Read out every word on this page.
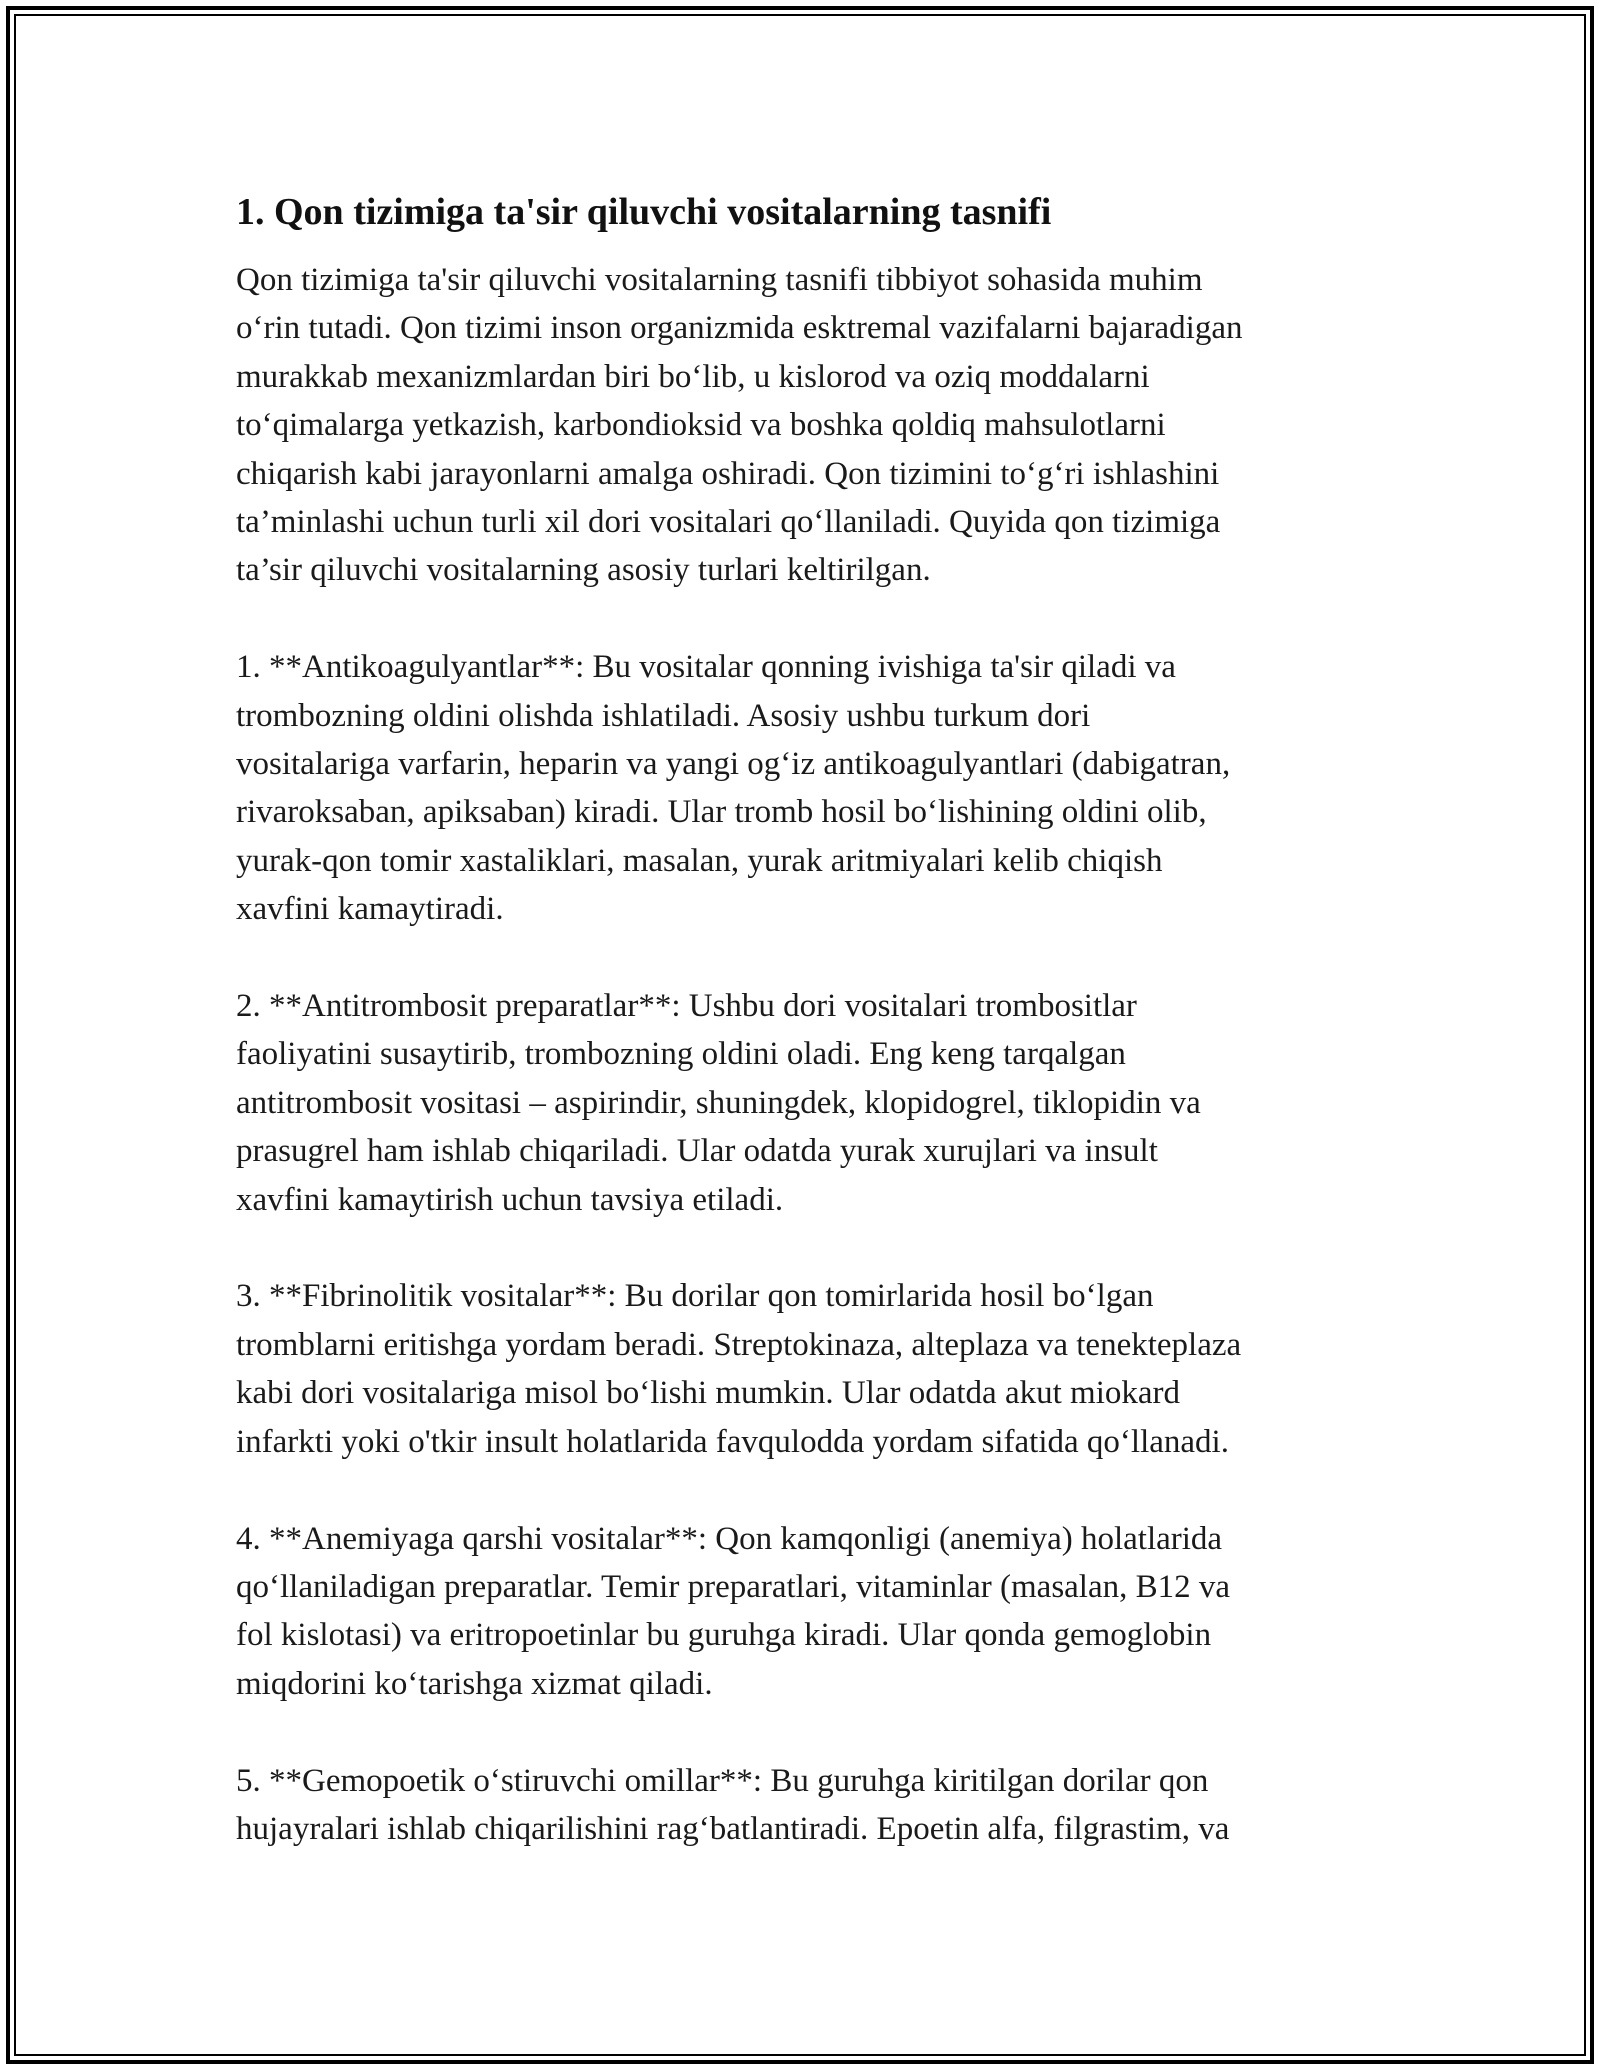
1. Qon tizimiga ta'sir qiluvchi vositalarning tasnifi

Qon tizimiga ta'sir qiluvchi vositalarning tasnifi tibbiyot sohasida muhim
o‘rin tutadi. Qon tizimi inson organizmida esktremal vazifalarni bajaradigan
murakkab mexanizmlardan biri bo‘lib, u kislorod va oziq moddalarni
to‘qimalarga yetkazish, karbondioksid va boshka qoldiq mahsulotlarni
chiqarish kabi jarayonlarni amalga oshiradi. Qon tizimini to‘g‘ri ishlashini
ta’minlashi uchun turli xil dori vositalari qo‘llaniladi. Quyida qon tizimiga
ta’sir qiluvchi vositalarning asosiy turlari keltirilgan.

1. **Antikoagulyantlar**: Bu vositalar qonning ivishiga ta'sir qiladi va
trombozning oldini olishda ishlatiladi. Asosiy ushbu turkum dori
vositalariga varfarin, heparin va yangi og‘iz antikoagulyantlari (dabigatran,
rivaroksaban, apiksaban) kiradi. Ular tromb hosil bo‘lishining oldini olib,
yurak-qon tomir xastaliklari, masalan, yurak aritmiyalari kelib chiqish
xavfini kamaytiradi.

2. **Antitrombosit preparatlar**: Ushbu dori vositalari trombositlar
faoliyatini susaytirib, trombozning oldini oladi. Eng keng tarqalgan
antitrombosit vositasi – aspirindir, shuningdek, klopidogrel, tiklopidin va
prasugrel ham ishlab chiqariladi. Ular odatda yurak xurujlari va insult
xavfini kamaytirish uchun tavsiya etiladi.

3. **Fibrinolitik vositalar**: Bu dorilar qon tomirlarida hosil bo‘lgan
tromblarni eritishga yordam beradi. Streptokinaza, alteplaza va tenekteplaza
kabi dori vositalariga misol bo‘lishi mumkin. Ular odatda akut miokard
infarkti yoki o'tkir insult holatlarida favqulodda yordam sifatida qo‘llanadi.

4. **Anemiyaga qarshi vositalar**: Qon kamqonligi (anemiya) holatlarida
qo‘llaniladigan preparatlar. Temir preparatlari, vitaminlar (masalan, B12 va
fol kislotasi) va eritropoetinlar bu guruhga kiradi. Ular qonda gemoglobin
miqdorini ko‘tarishga xizmat qiladi.

5. **Gemopoetik o‘stiruvchi omillar**: Bu guruhga kiritilgan dorilar qon
hujayralari ishlab chiqarilishini rag‘batlantiradi. Epoetin alfa, filgrastim, va
